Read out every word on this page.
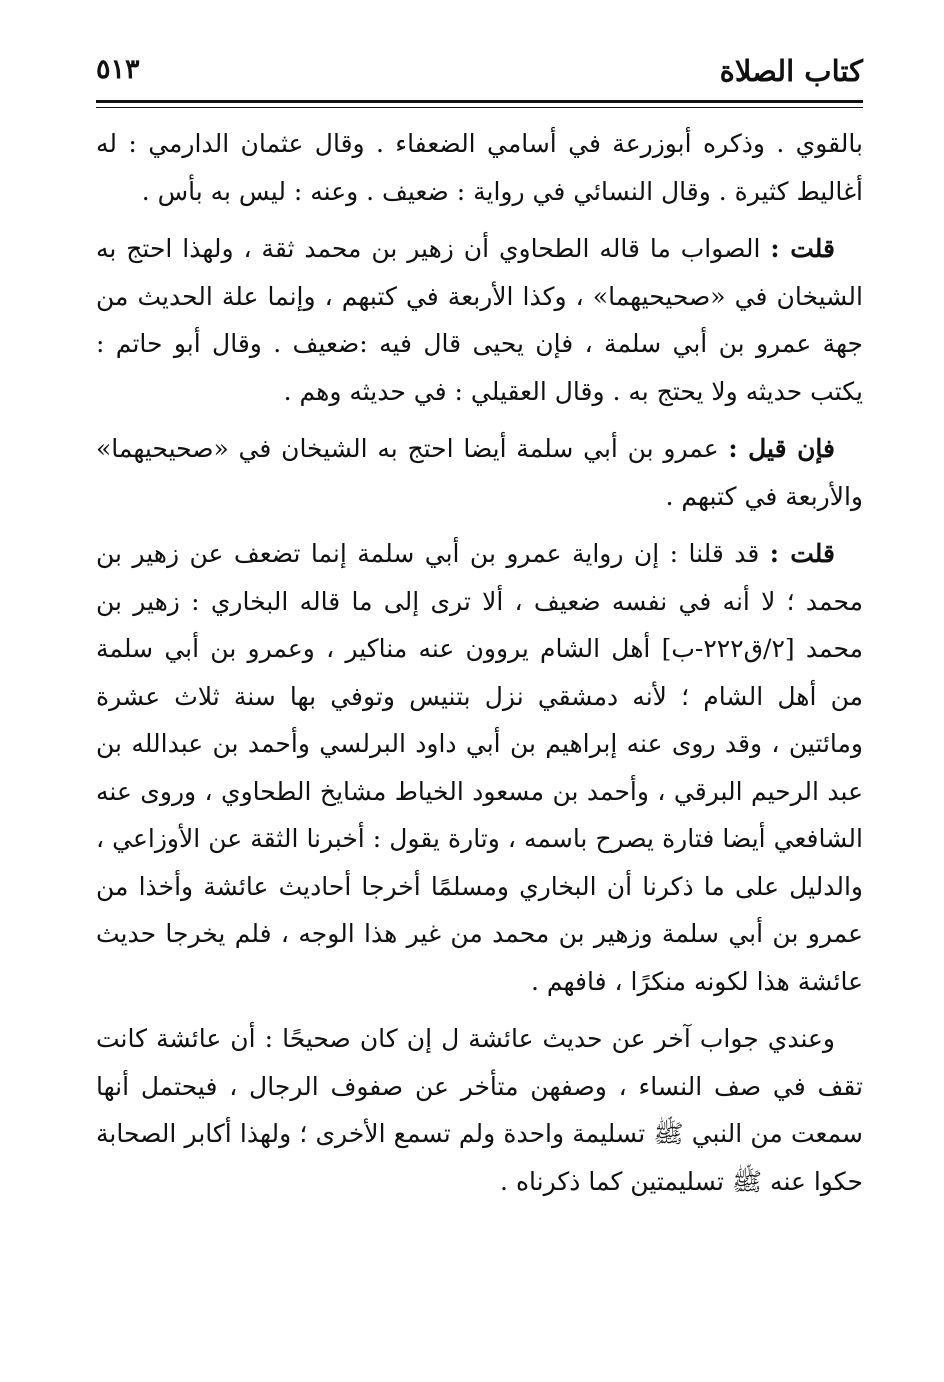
كتاب الصلاة
٥١٣

بالقوي . وذكره أبوزرعة في أسامي الضعفاء . وقال عثمان الدارمي : له أغاليط كثيرة . وقال النسائي في رواية : ضعيف . وعنه : ليس به بأس .

قلت : الصواب ما قاله الطحاوي أن زهير بن محمد ثقة ، ولهذا احتج به الشيخان في «صحيحيهما» ، وكذا الأربعة في كتبهم ، وإنما علة الحديث من جهة عمرو بن أبي سلمة ، فإن يحيى قال فيه :ضعيف . وقال أبو حاتم : يكتب حديثه ولا يحتج به . وقال العقيلي : في حديثه وهم .

فإن قيل : عمرو بن أبي سلمة أيضا احتج به الشيخان في «صحيحيهما» والأربعة في كتبهم .

قلت : قد قلنا : إن رواية عمرو بن أبي سلمة إنما تضعف عن زهير بن محمد ؛ لا أنه في نفسه ضعيف ، ألا ترى إلى ما قاله البخاري : زهير بن محمد [٢/ق٢٢٢-ب] أهل الشام يروون عنه مناكير ، وعمرو بن أبي سلمة من أهل الشام ؛ لأنه دمشقي نزل بتنيس وتوفي بها سنة ثلاث عشرة ومائتين ، وقد روى عنه إبراهيم بن أبي داود البرلسي وأحمد بن عبدالله بن عبد الرحيم البرقي ، وأحمد بن مسعود الخياط مشايخ الطحاوي ، وروى عنه الشافعي أيضا فتارة يصرح باسمه ، وتارة يقول : أخبرنا الثقة عن الأوزاعي ، والدليل على ما ذكرنا أن البخاري ومسلمًا أخرجا أحاديث عائشة وأخذا من عمرو بن أبي سلمة وزهير بن محمد من غير هذا الوجه ، فلم يخرجا حديث عائشة هذا لكونه منكرًا ، فافهم .

وعندي جواب آخر عن حديث عائشة ل إن كان صحيحًا : أن عائشة كانت تقف في صف النساء ، وصفهن متأخر عن صفوف الرجال ، فيحتمل أنها سمعت من النبي ﷺ تسليمة واحدة ولم تسمع الأخرى ؛ ولهذا أكابر الصحابة حكوا عنه ﷺ تسليمتين كما ذكرناه .
